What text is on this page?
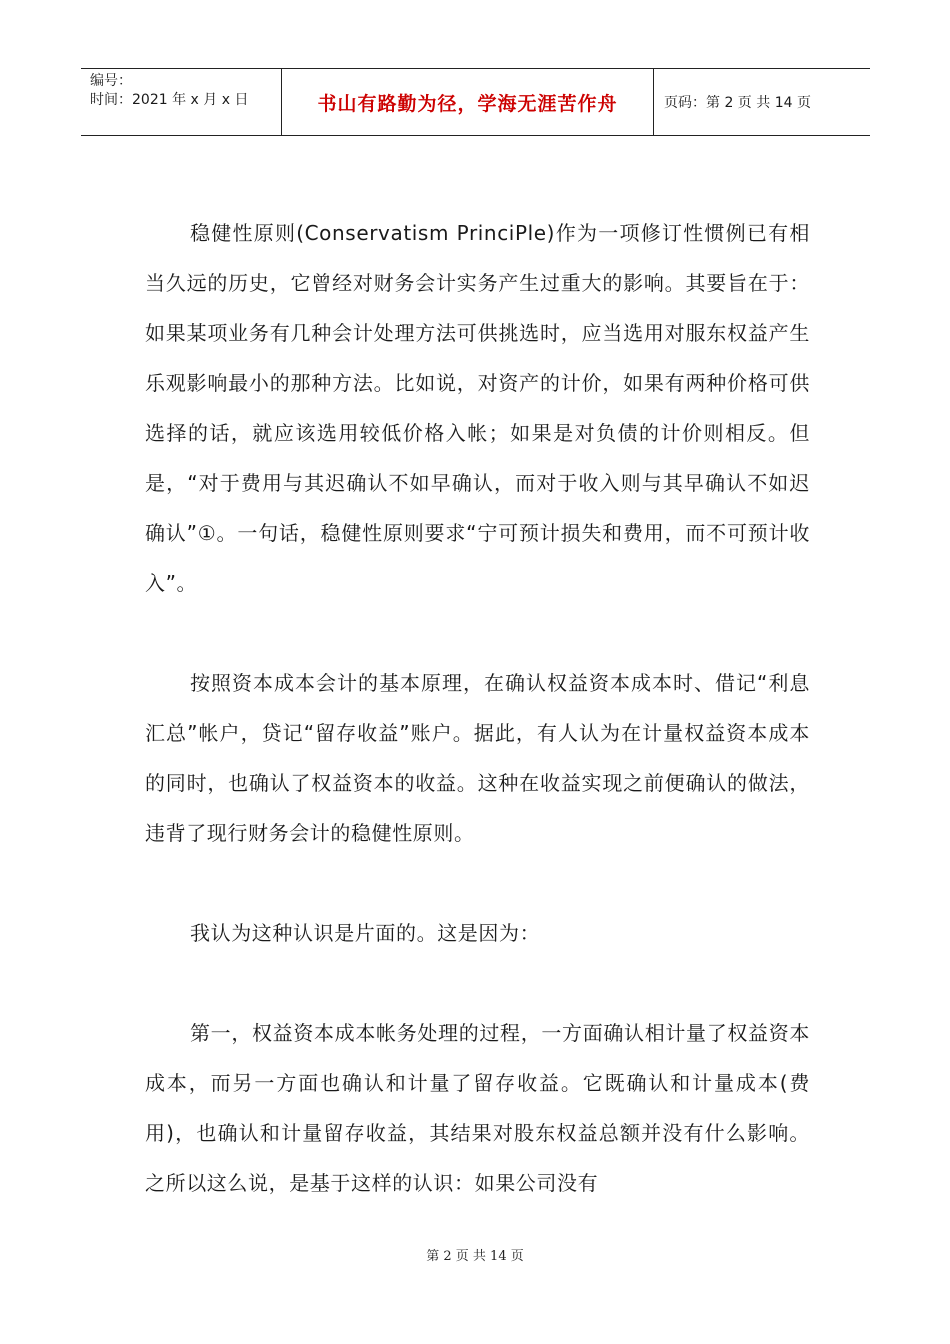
编号：
时间：2021 年 x 月 x 日	书山有路勤为径，学海无涯苦作舟	页码：第 2 页 共 14 页

稳健性原则(Conservatism PrinciPle)作为一项修订性惯例已有相当久远的历史，它曾经对财务会计实务产生过重大的影响。其要旨在于：如果某项业务有几种会计处理方法可供挑选时，应当选用对服东权益产生乐观影响最小的那种方法。比如说，对资产的计价，如果有两种价格可供选择的话，就应该选用较低价格入帐；如果是对负债的计价则相反。但是，“对于费用与其迟确认不如早确认，而对于收入则与其早确认不如迟确认”①。一句话，稳健性原则要求“宁可预计损失和费用，而不可预计收入”。

按照资本成本会计的基本原理，在确认权益资本成本时、借记“利息汇总”帐户，贷记“留存收益”账户。据此，有人认为在计量权益资本成本的同时，也确认了权益资本的收益。这种在收益实现之前便确认的做法，违背了现行财务会计的稳健性原则。

我认为这种认识是片面的。这是因为：

第一，权益资本成本帐务处理的过程，一方面确认相计量了权益资本成本，而另一方面也确认和计量了留存收益。它既确认和计量成本(费用)，也确认和计量留存收益，其结果对股东权益总额并没有什么影响。之所以这么说，是基于这样的认识：如果公司没有

第 2 页 共 14 页
